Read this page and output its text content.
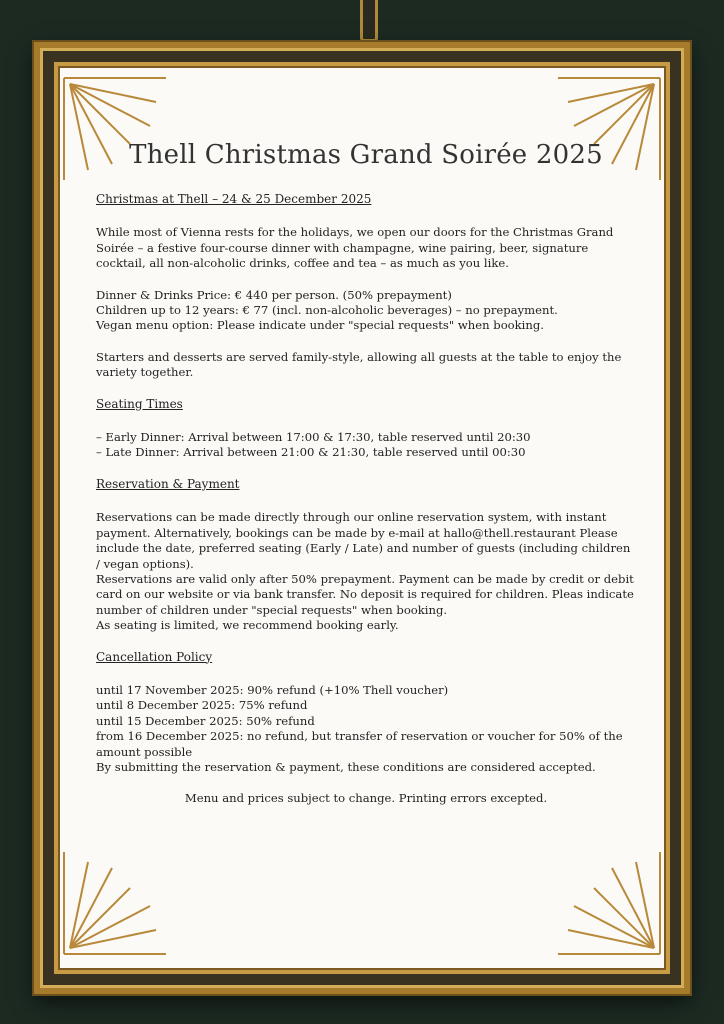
Thell Christmas Grand Soirée 2025
Christmas at Thell – 24 & 25 December 2025

While most of Vienna rests for the holidays, we open our doors for the Christmas Grand Soirée – a festive four-course dinner with champagne, wine pairing, beer, signature cocktail, all non-alcoholic drinks, coffee and tea – as much as you like.

Dinner & Drinks Price: € 440 per person. (50% prepayment)
Children up to 12 years: € 77 (incl. non-alcoholic beverages) – no prepayment.
Vegan menu option: Please indicate under "special requests" when booking.

Starters and desserts are served family-style, allowing all guests at the table to enjoy the variety together.

Seating Times
– Early Dinner: Arrival between 17:00 & 17:30, table reserved until 20:30
– Late Dinner: Arrival between 21:00 & 21:30, table reserved until 00:30
Reservation & Payment

Reservations can be made directly through our online reservation system, with instant payment. Alternatively, bookings can be made by e-mail at hallo@thell.restaurant Please include the date, preferred seating (Early / Late) and number of guests (including children / vegan options).
Reservations are valid only after 50% prepayment. Payment can be made by credit or debit card on our website or via bank transfer. No deposit is required for children. Pleas indicate number of children under "special requests" when booking.
As seating is limited, we recommend booking early.

Cancellation Policy

until 17 November 2025: 90% refund (+10% Thell voucher)
until 8 December 2025: 75% refund
until 15 December 2025: 50% refund
from 16 December 2025: no refund, but transfer of reservation or voucher for 50% of the amount possible
By submitting the reservation & payment, these conditions are considered accepted.

Menu and prices subject to change. Printing errors excepted.
